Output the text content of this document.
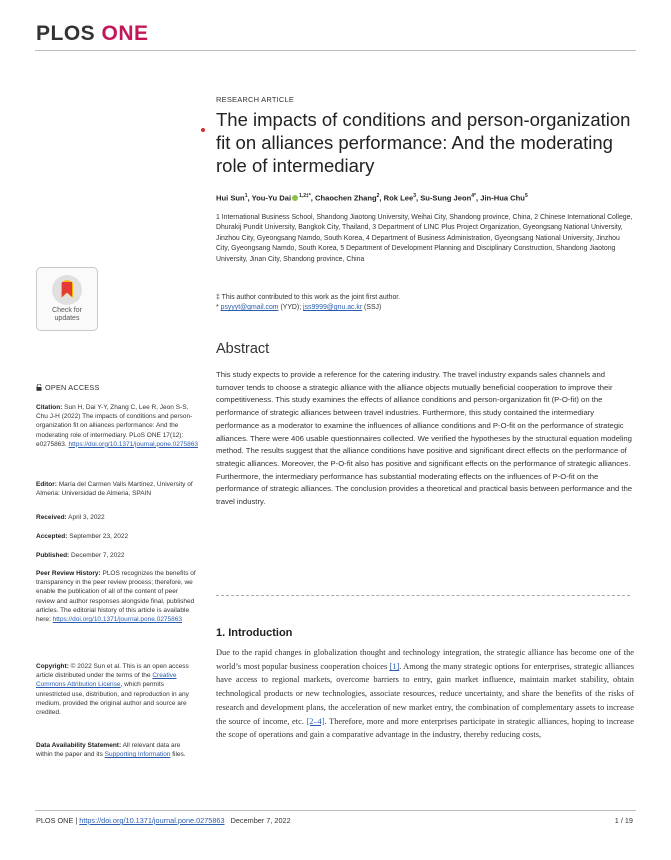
PLOS ONE
RESEARCH ARTICLE
The impacts of conditions and person-organization fit on alliances performance: And the moderating role of intermediary
Hui Sun$^1$, You-Yu Dai $^{1,2\ddagger*}$, Chaochen Zhang$^2$, Rok Lee$^3$, Su-Sung Jeon$^{4*}$, Jin-Hua Chu$^5$

1 International Business School, Shandong Jiaotong University, Weihai City, Shandong province, China, 2 Chinese International College, Dhurakij Pundit University, Bangkok City, Thailand, 3 Department of LINC Plus Project Organization, Gyeongsang National University, Jinzhou City, Gyeongsang Namdo, South Korea, 4 Department of Business Administration, Gyeongsang National University, Jinzhou City, Gyeongsang Namdo, South Korea, 5 Department of Development Planning and Disciplinary Construction, Shandong Jiaotong University, Jinan City, Shandong province, China

‡ This author contributed to this work as the joint first author.
* psyyyt@gmail.com (YYD); jss9999@gnu.ac.kr (SSJ)
Check for
updates
OPEN ACCESS
Citation: Sun H, Dai Y-Y, Zhang C, Lee R, Jeon S-S, Chu J-H (2022) The impacts of conditions and person-organization fit on alliances performance: And the moderating role of intermediary. PLoS ONE 17(12): e0275863. https://doi.org/10.1371/journal.pone.0275863
Editor: María del Carmen Valls Martínez, University of Almeria: Universidad de Almeria, SPAIN
Received: April 3, 2022
Accepted: September 23, 2022
Published: December 7, 2022
Peer Review History: PLOS recognizes the benefits of transparency in the peer review process; therefore, we enable the publication of all of the content of peer review and author responses alongside final, published articles. The editorial history of this article is available here: https://doi.org/10.1371/journal.pone.0275863
Copyright: © 2022 Sun et al. This is an open access article distributed under the terms of the Creative Commons Attribution License, which permits unrestricted use, distribution, and reproduction in any medium, provided the original author and source are credited.
Data Availability Statement: All relevant data are within the paper and its Supporting Information files.
Abstract

This study expects to provide a reference for the catering industry. The travel industry expands sales channels and turnover tends to choose a strategic alliance with the alliance objects mutually beneficial cooperation to improve their competitiveness. This study examines the effects of alliance conditions and person-organization fit (P-O-fit) on the performance of strategic alliances between travel industries. Furthermore, this study contained the intermediary performance as a moderator to examine the influences of alliance conditions and P-O-fit on the performance of strategic alliances. There were 406 usable questionnaires collected. We verified the hypotheses by the structural equation modeling method. The results suggest that the alliance conditions have positive and significant direct effects on the performance of strategic alliances. Moreover, the P-O-fit also has positive and significant effects on the performance of strategic alliances. Furthermore, the intermediary performance has substantial moderating effects on the influences of P-O-fit on the performance of strategic alliances. The conclusion provides a theoretical and practical basis between performance and the travel industry.

1. Introduction

Due to the rapid changes in globalization thought and technology integration, the strategic alliance has become one of the world’s most popular business cooperation choices [1]. Among the many strategic options for enterprises, strategic alliances have access to regional markets, overcome barriers to entry, gain market influence, maintain market stability, obtain technological products or new technologies, associate resources, reduce uncertainty, and share the benefits of the risks of research and development plans, the acceleration of new market entry, the combination of complementary assets to increase the source of income, etc. [2–4]. Therefore, more and more enterprises participate in strategic alliances, hoping to increase the scope of operations and gain a comparative advantage in the industry, thereby reducing costs,

PLOS ONE | https://doi.org/10.1371/journal.pone.0275863   December 7, 2022	1 / 19
